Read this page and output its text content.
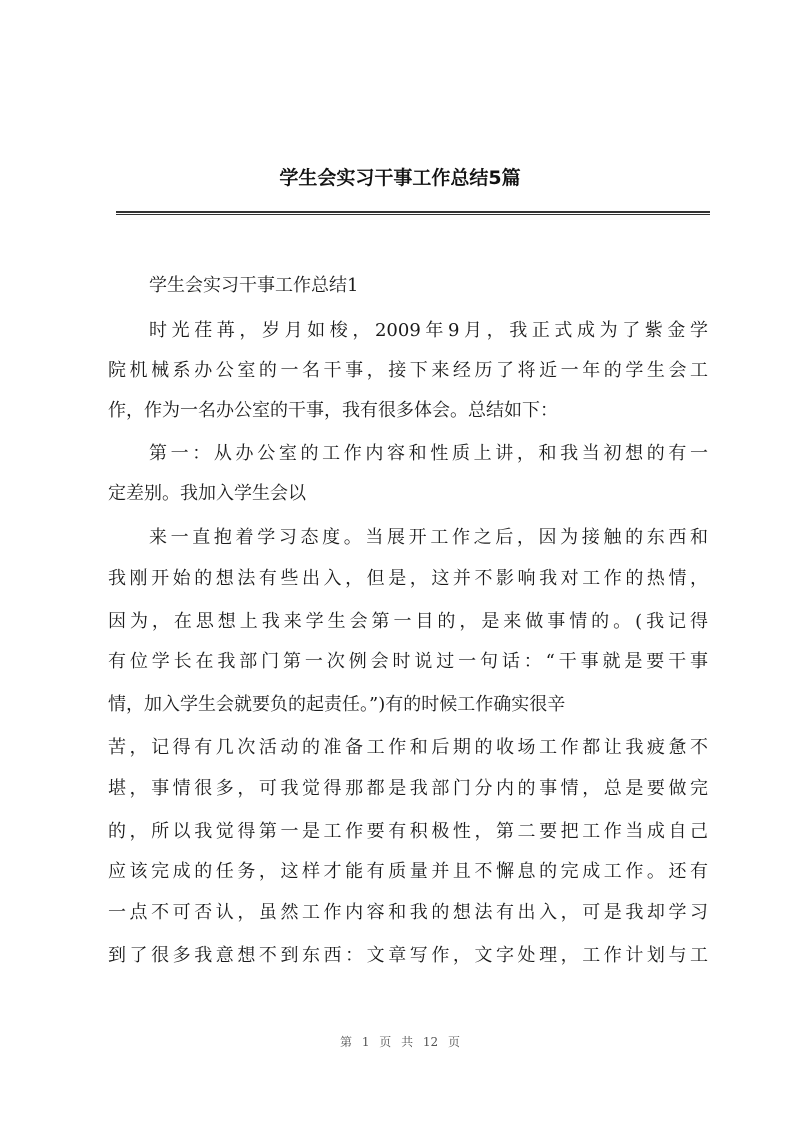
学生会实习干事工作总结5篇
学生会实习干事工作总结1
时光荏苒，岁月如梭，2009年9月，我正式成为了紫金学
院机械系办公室的一名干事，接下来经历了将近一年的学生会工
作，作为一名办公室的干事，我有很多体会。总结如下：
第一：从办公室的工作内容和性质上讲，和我当初想的有一
定差别。我加入学生会以
来一直抱着学习态度。当展开工作之后，因为接触的东西和
我刚开始的想法有些出入，但是，这并不影响我对工作的热情，
因为，在思想上我来学生会第一目的，是来做事情的。(我记得
有位学长在我部门第一次例会时说过一句话：“干事就是要干事
情，加入学生会就要负的起责任。”)有的时候工作确实很辛
苦，记得有几次活动的准备工作和后期的收场工作都让我疲惫不
堪，事情很多，可我觉得那都是我部门分内的事情，总是要做完
的，所以我觉得第一是工作要有积极性，第二要把工作当成自己
应该完成的任务，这样才能有质量并且不懈息的完成工作。还有
一点不可否认，虽然工作内容和我的想法有出入，可是我却学习
到了很多我意想不到东西：文章写作，文字处理，工作计划与工
第 1 页 共 12 页
